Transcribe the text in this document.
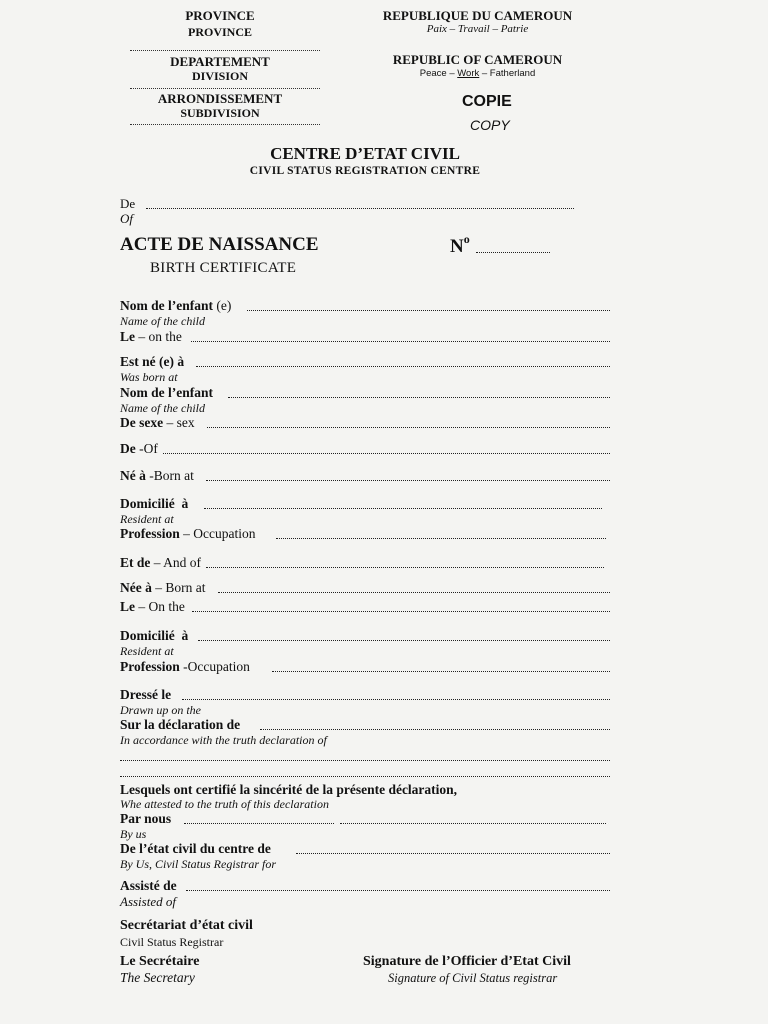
PROVINCE
PROVINCE
DEPARTEMENT
DIVISION
ARRONDISSEMENT
SUBDIVISION
REPUBLIQUE DU CAMEROUN
Paix – Travail – Patrie
REPUBLIC OF CAMEROUN
Peace – Work – Fatherland
COPIE
COPY
CENTRE D’ETAT CIVIL
CIVIL STATUS REGISTRATION CENTRE
De
Of
ACTE DE NAISSANCE
BIRTH CERTIFICATE
$N^o$
Nom de l’enfant (e)
Name of the child
Le – on the
Est né (e) à
Was born at
Nom de l’enfant
Name of the child
De sexe – sex
De -Of
Né à -Born at
Domicilié  à
Resident at
Profession – Occupation
Et de – And of
Née à – Born at
Le – On the
Domicilié  à
Resident at
Profession -Occupation
Dressé le
Drawn up on the
Sur la déclaration de
In accordance with the truth declaration of
Lesquels ont certifié la sincérité de la présente déclaration,
Whe attested to the truth of this declaration
Par nous
By us
De l’état civil du centre de
By Us, Civil Status Registrar for
Assisté de
Assisted of
Secrétariat d’état civil
Civil Status Registrar
Le Secrétaire
The Secretary
Signature de l’Officier d’Etat Civil
Signature of Civil Status registrar
